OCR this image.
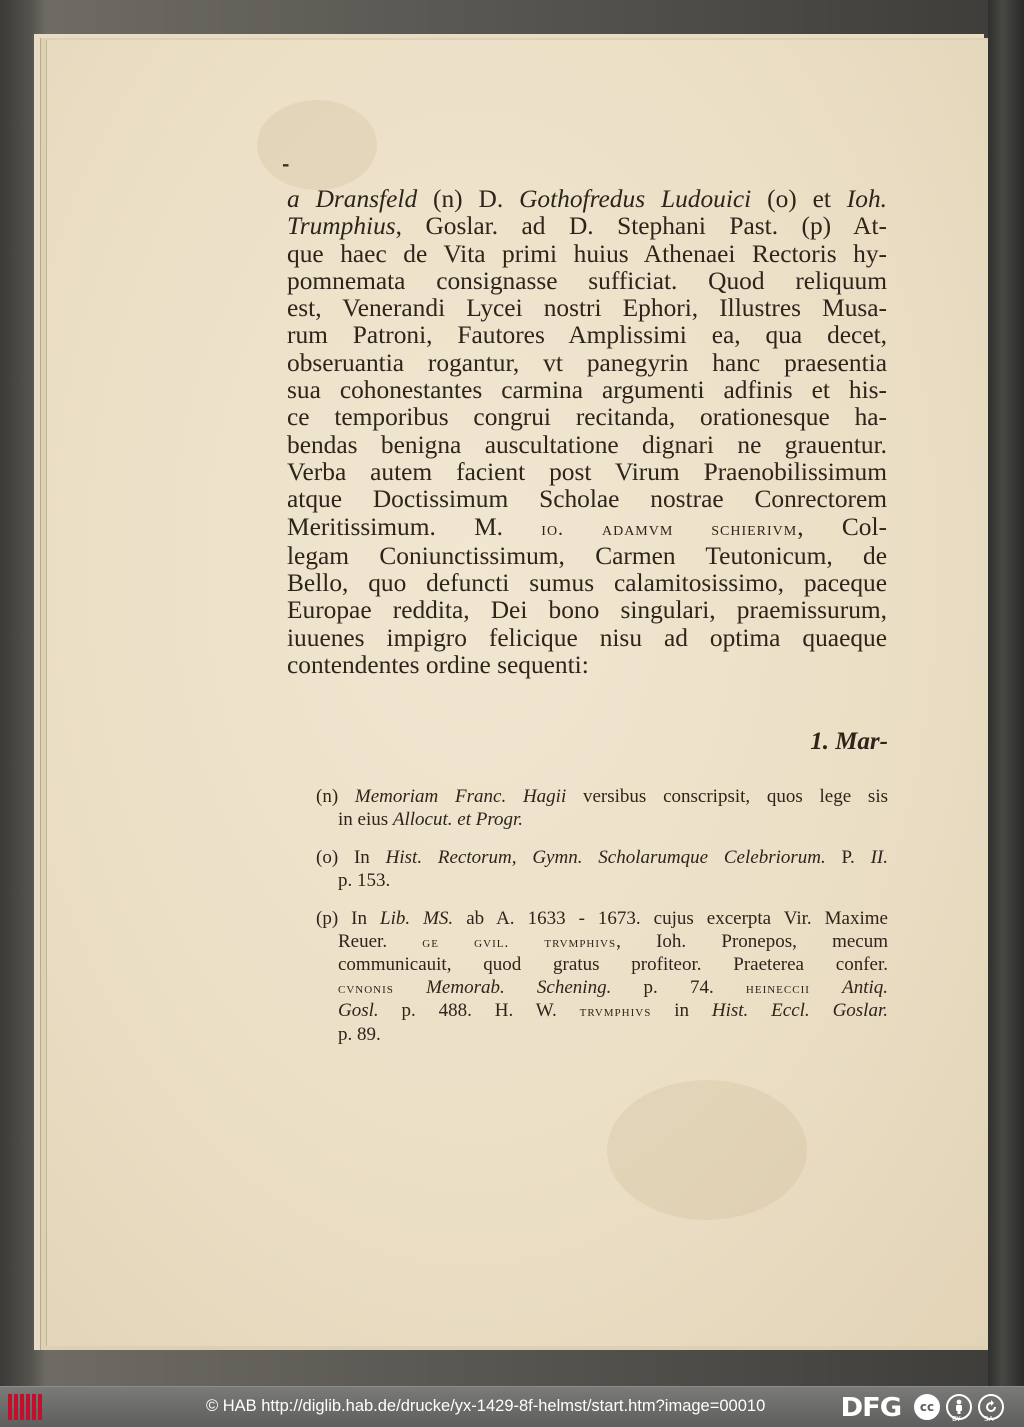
-
a Dransfeld (n) D. Gothofredus Ludouici (o) et Ioh.
Trumphius, Goslar. ad D. Stephani Past. (p) At-
que haec de Vita primi huius Athenaei Rectoris hy-
pomnemata consignasse sufficiat. Quod reliquum
est, Venerandi Lycei nostri Ephori, Illustres Musa-
rum Patroni, Fautores Amplissimi ea, qua decet,
obseruantia rogantur, vt panegyrin hanc praesentia
sua cohonestantes carmina argumenti adfinis et his-
ce temporibus congrui recitanda, orationesque ha-
bendas benigna auscultatione dignari ne grauentur.
Verba autem facient post Virum Praenobilissimum
atque Doctissimum Scholae nostrae Conrectorem
Meritissimum. M. io. adamvm schierivm, Col-
legam Coniunctissimum, Carmen Teutonicum, de
Bello, quo defuncti sumus calamitosissimo, paceque
Europae reddita, Dei bono singulari, praemissurum,
iuuenes impigro felicique nisu ad optima quaeque
contendentes ordine sequenti:
1. Mar-
(n) Memoriam Franc. Hagii versibus conscripsit, quos lege sis
in eius Allocut. et Progr.
(o) In Hist. Rectorum, Gymn. Scholarumque Celebriorum. P. II.
p. 153.
(p) In Lib. MS. ab A. 1633 - 1673. cujus excerpta Vir. Maxime
Reuer. ge gvil. trvmphivs, Ioh. Pronepos, mecum
communicauit, quod gratus profiteor. Praeterea confer.
cvnonis Memorab. Schening. p. 74. heineccii Antiq.
Gosl. p. 488. H. W. trvmphivs in Hist. Eccl. Goslar.
p. 89.
© HAB http://diglib.hab.de/drucke/yx-1429-8f-helmst/start.htm?image=00010	DFG	cc
BY	SA
